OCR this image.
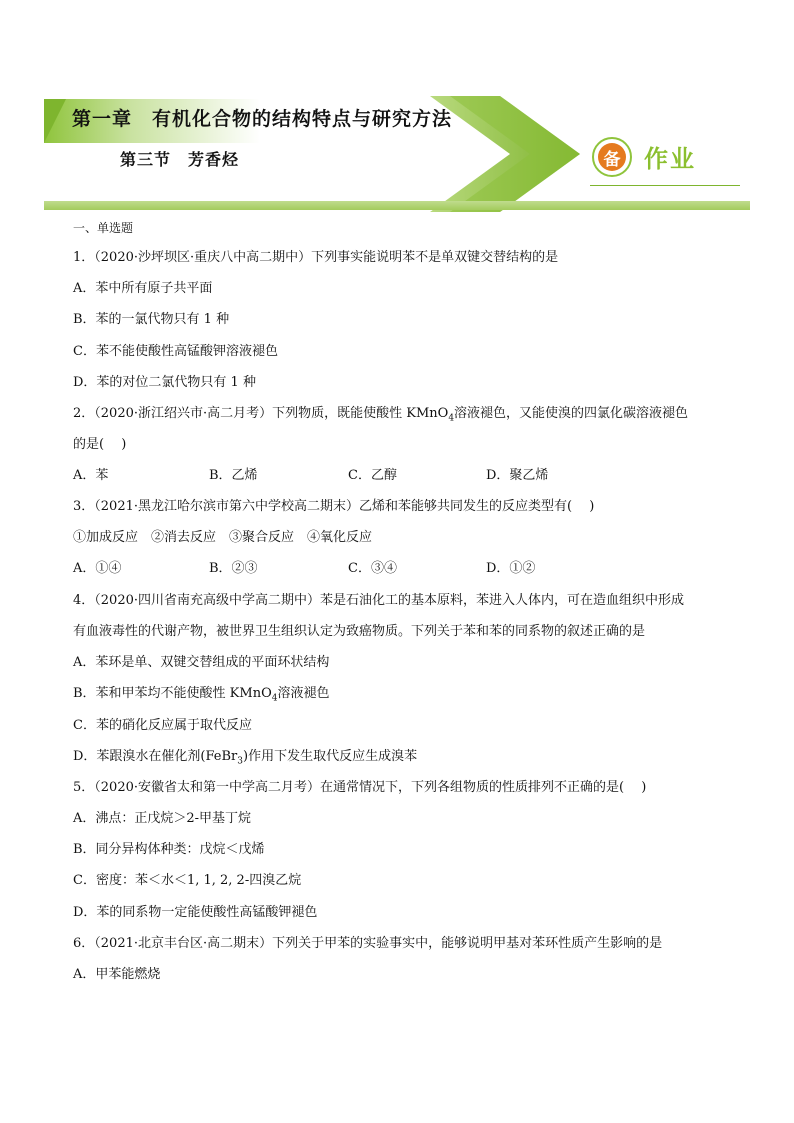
第一章　有机化合物的结构特点与研究方法
第三节　芳香烃	备 作业
一、单选题
1．（2020·沙坪坝区·重庆八中高二期中）下列事实能说明苯不是单双键交替结构的是
A．苯中所有原子共平面
B．苯的一氯代物只有 1 种
C．苯不能使酸性高锰酸钾溶液褪色
D．苯的对位二氯代物只有 1 种
2．（2020·浙江绍兴市·高二月考）下列物质，既能使酸性 KMnO$_4$溶液褪色，又能使溴的四氯化碳溶液褪色
的是(　 )
A．苯	B．乙烯	C．乙醇	D．聚乙烯
3．（2021·黑龙江哈尔滨市第六中学校高二期末）乙烯和苯能够共同发生的反应类型有(　 )
①加成反应　②消去反应　③聚合反应　④氧化反应
A．①④	B．②③	C．③④	D．①②
4．（2020·四川省南充高级中学高二期中）苯是石油化工的基本原料，苯进入人体内，可在造血组织中形成
有血液毒性的代谢产物，被世界卫生组织认定为致癌物质。下列关于苯和苯的同系物的叙述正确的是
A．苯环是单、双键交替组成的平面环状结构
B．苯和甲苯均不能使酸性 KMnO$_4$溶液褪色
C．苯的硝化反应属于取代反应
D．苯跟溴水在催化剂(FeBr$_3$)作用下发生取代反应生成溴苯
5．（2020·安徽省太和第一中学高二月考）在通常情况下，下列各组物质的性质排列不正确的是(　 )
A．沸点：正戊烷＞2-甲基丁烷
B．同分异构体种类：戊烷＜戊烯
C．密度：苯＜水＜1, 1, 2, 2-四溴乙烷
D．苯的同系物一定能使酸性高锰酸钾褪色
6．（2021·北京丰台区·高二期末）下列关于甲苯的实验事实中，能够说明甲基对苯环性质产生影响的是
A．甲苯能燃烧
